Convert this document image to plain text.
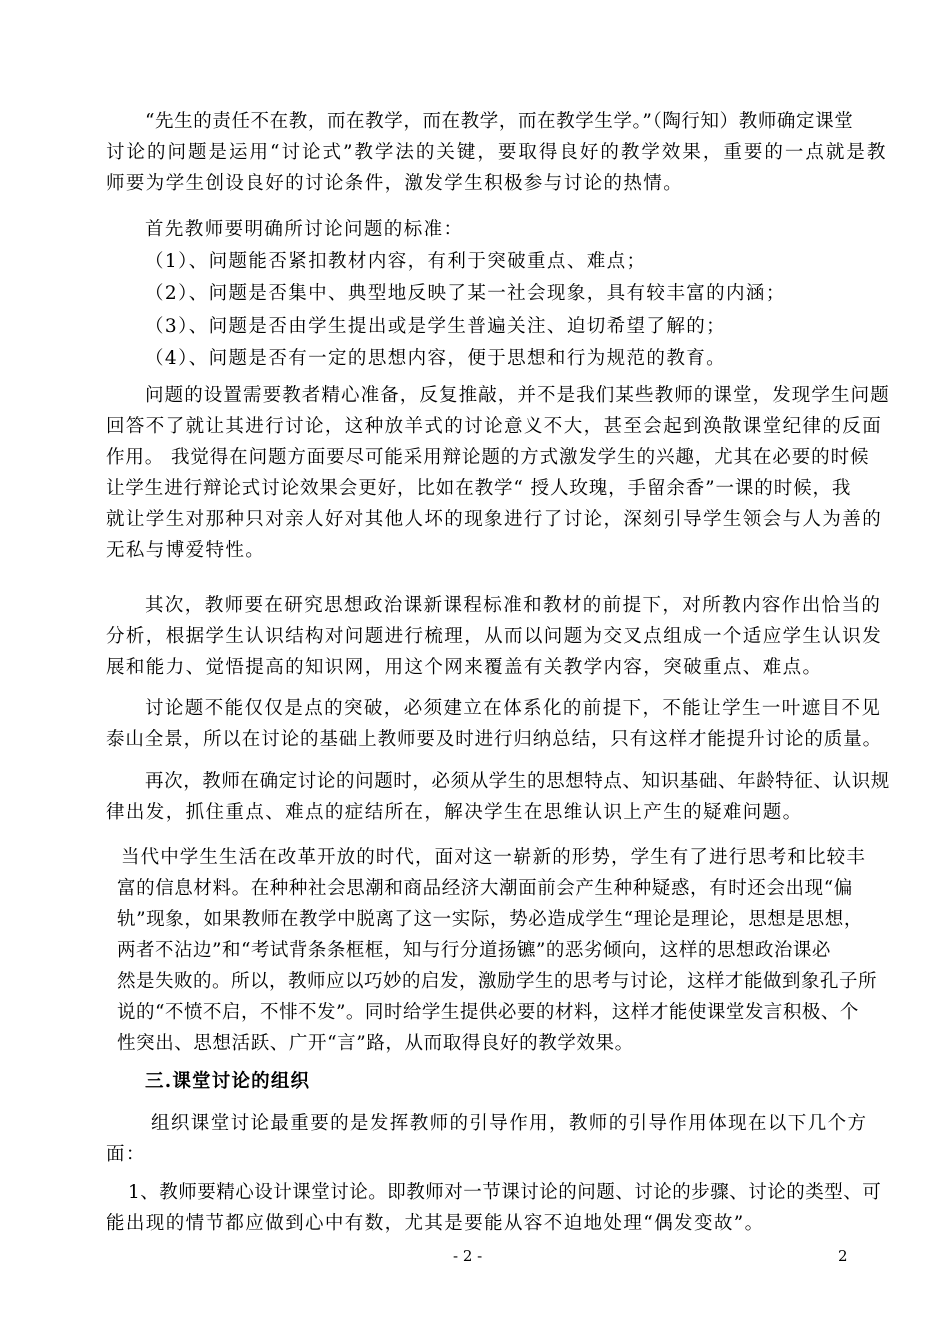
“先生的责任不在教，而在教学，而在教学，而在教学生学。”（陶行知）教师确定课堂
讨论的问题是运用“讨论式”教学法的关键，要取得良好的教学效果，重要的一点就是教
师要为学生创设良好的讨论条件，激发学生积极参与讨论的热情。
首先教师要明确所讨论问题的标准：
（1）、问题能否紧扣教材内容，有利于突破重点、难点；
（2）、问题是否集中、典型地反映了某一社会现象，具有较丰富的内涵；
（3）、问题是否由学生提出或是学生普遍关注、迫切希望了解的；
（4）、问题是否有一定的思想内容，便于思想和行为规范的教育。
问题的设置需要教者精心准备，反复推敲，并不是我们某些教师的课堂，发现学生问题
回答不了就让其进行讨论，这种放羊式的讨论意义不大，甚至会起到涣散课堂纪律的反面
作用。 我觉得在问题方面要尽可能采用辩论题的方式激发学生的兴趣，尤其在必要的时候
让学生进行辩论式讨论效果会更好，比如在教学“ 授人玫瑰，手留余香”一课的时候，我
就让学生对那种只对亲人好对其他人坏的现象进行了讨论，深刻引导学生领会与人为善的
无私与博爱特性。
其次，教师要在研究思想政治课新课程标准和教材的前提下，对所教内容作出恰当的
分析，根据学生认识结构对问题进行梳理，从而以问题为交叉点组成一个适应学生认识发
展和能力、觉悟提高的知识网，用这个网来覆盖有关教学内容，突破重点、难点。
讨论题不能仅仅是点的突破，必须建立在体系化的前提下，不能让学生一叶遮目不见
泰山全景，所以在讨论的基础上教师要及时进行归纳总结，只有这样才能提升讨论的质量。
再次，教师在确定讨论的问题时，必须从学生的思想特点、知识基础、年龄特征、认识规
律出发，抓住重点、难点的症结所在，解决学生在思维认识上产生的疑难问题。
当代中学生生活在改革开放的时代，面对这一崭新的形势，学生有了进行思考和比较丰
富的信息材料。在种种社会思潮和商品经济大潮面前会产生种种疑惑，有时还会出现“偏
轨”现象，如果教师在教学中脱离了这一实际，势必造成学生“理论是理论，思想是思想，
两者不沾边”和“考试背条条框框，知与行分道扬镳”的恶劣倾向，这样的思想政治课必
然是失败的。所以，教师应以巧妙的启发，激励学生的思考与讨论，这样才能做到象孔子所
说的“不愤不启，不悱不发”。同时给学生提供必要的材料，这样才能使课堂发言积极、个
性突出、思想活跃、广开“言”路，从而取得良好的教学效果。
三.课堂讨论的组织
组织课堂讨论最重要的是发挥教师的引导作用，教师的引导作用体现在以下几个方
面：
1、教师要精心设计课堂讨论。即教师对一节课讨论的问题、讨论的步骤、讨论的类型、可
能出现的情节都应做到心中有数，尤其是要能从容不迫地处理“偶发变故”。
- 2 -	2
